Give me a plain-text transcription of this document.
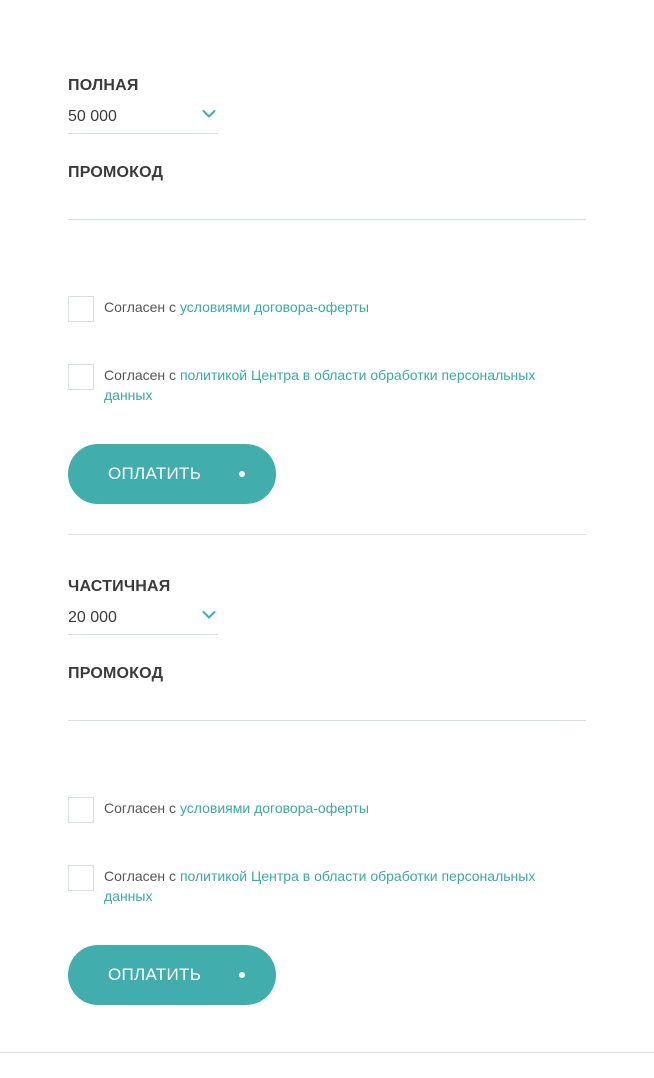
ПОЛНАЯ
50 000
ПРОМОКОД
Согласен с условиями договора-оферты
Согласен с политикой Центра в области обработки персональных данных
ОПЛАТИТЬ
ЧАСТИЧНАЯ
20 000
ПРОМОКОД
Согласен с условиями договора-оферты
Согласен с политикой Центра в области обработки персональных данных
ОПЛАТИТЬ
